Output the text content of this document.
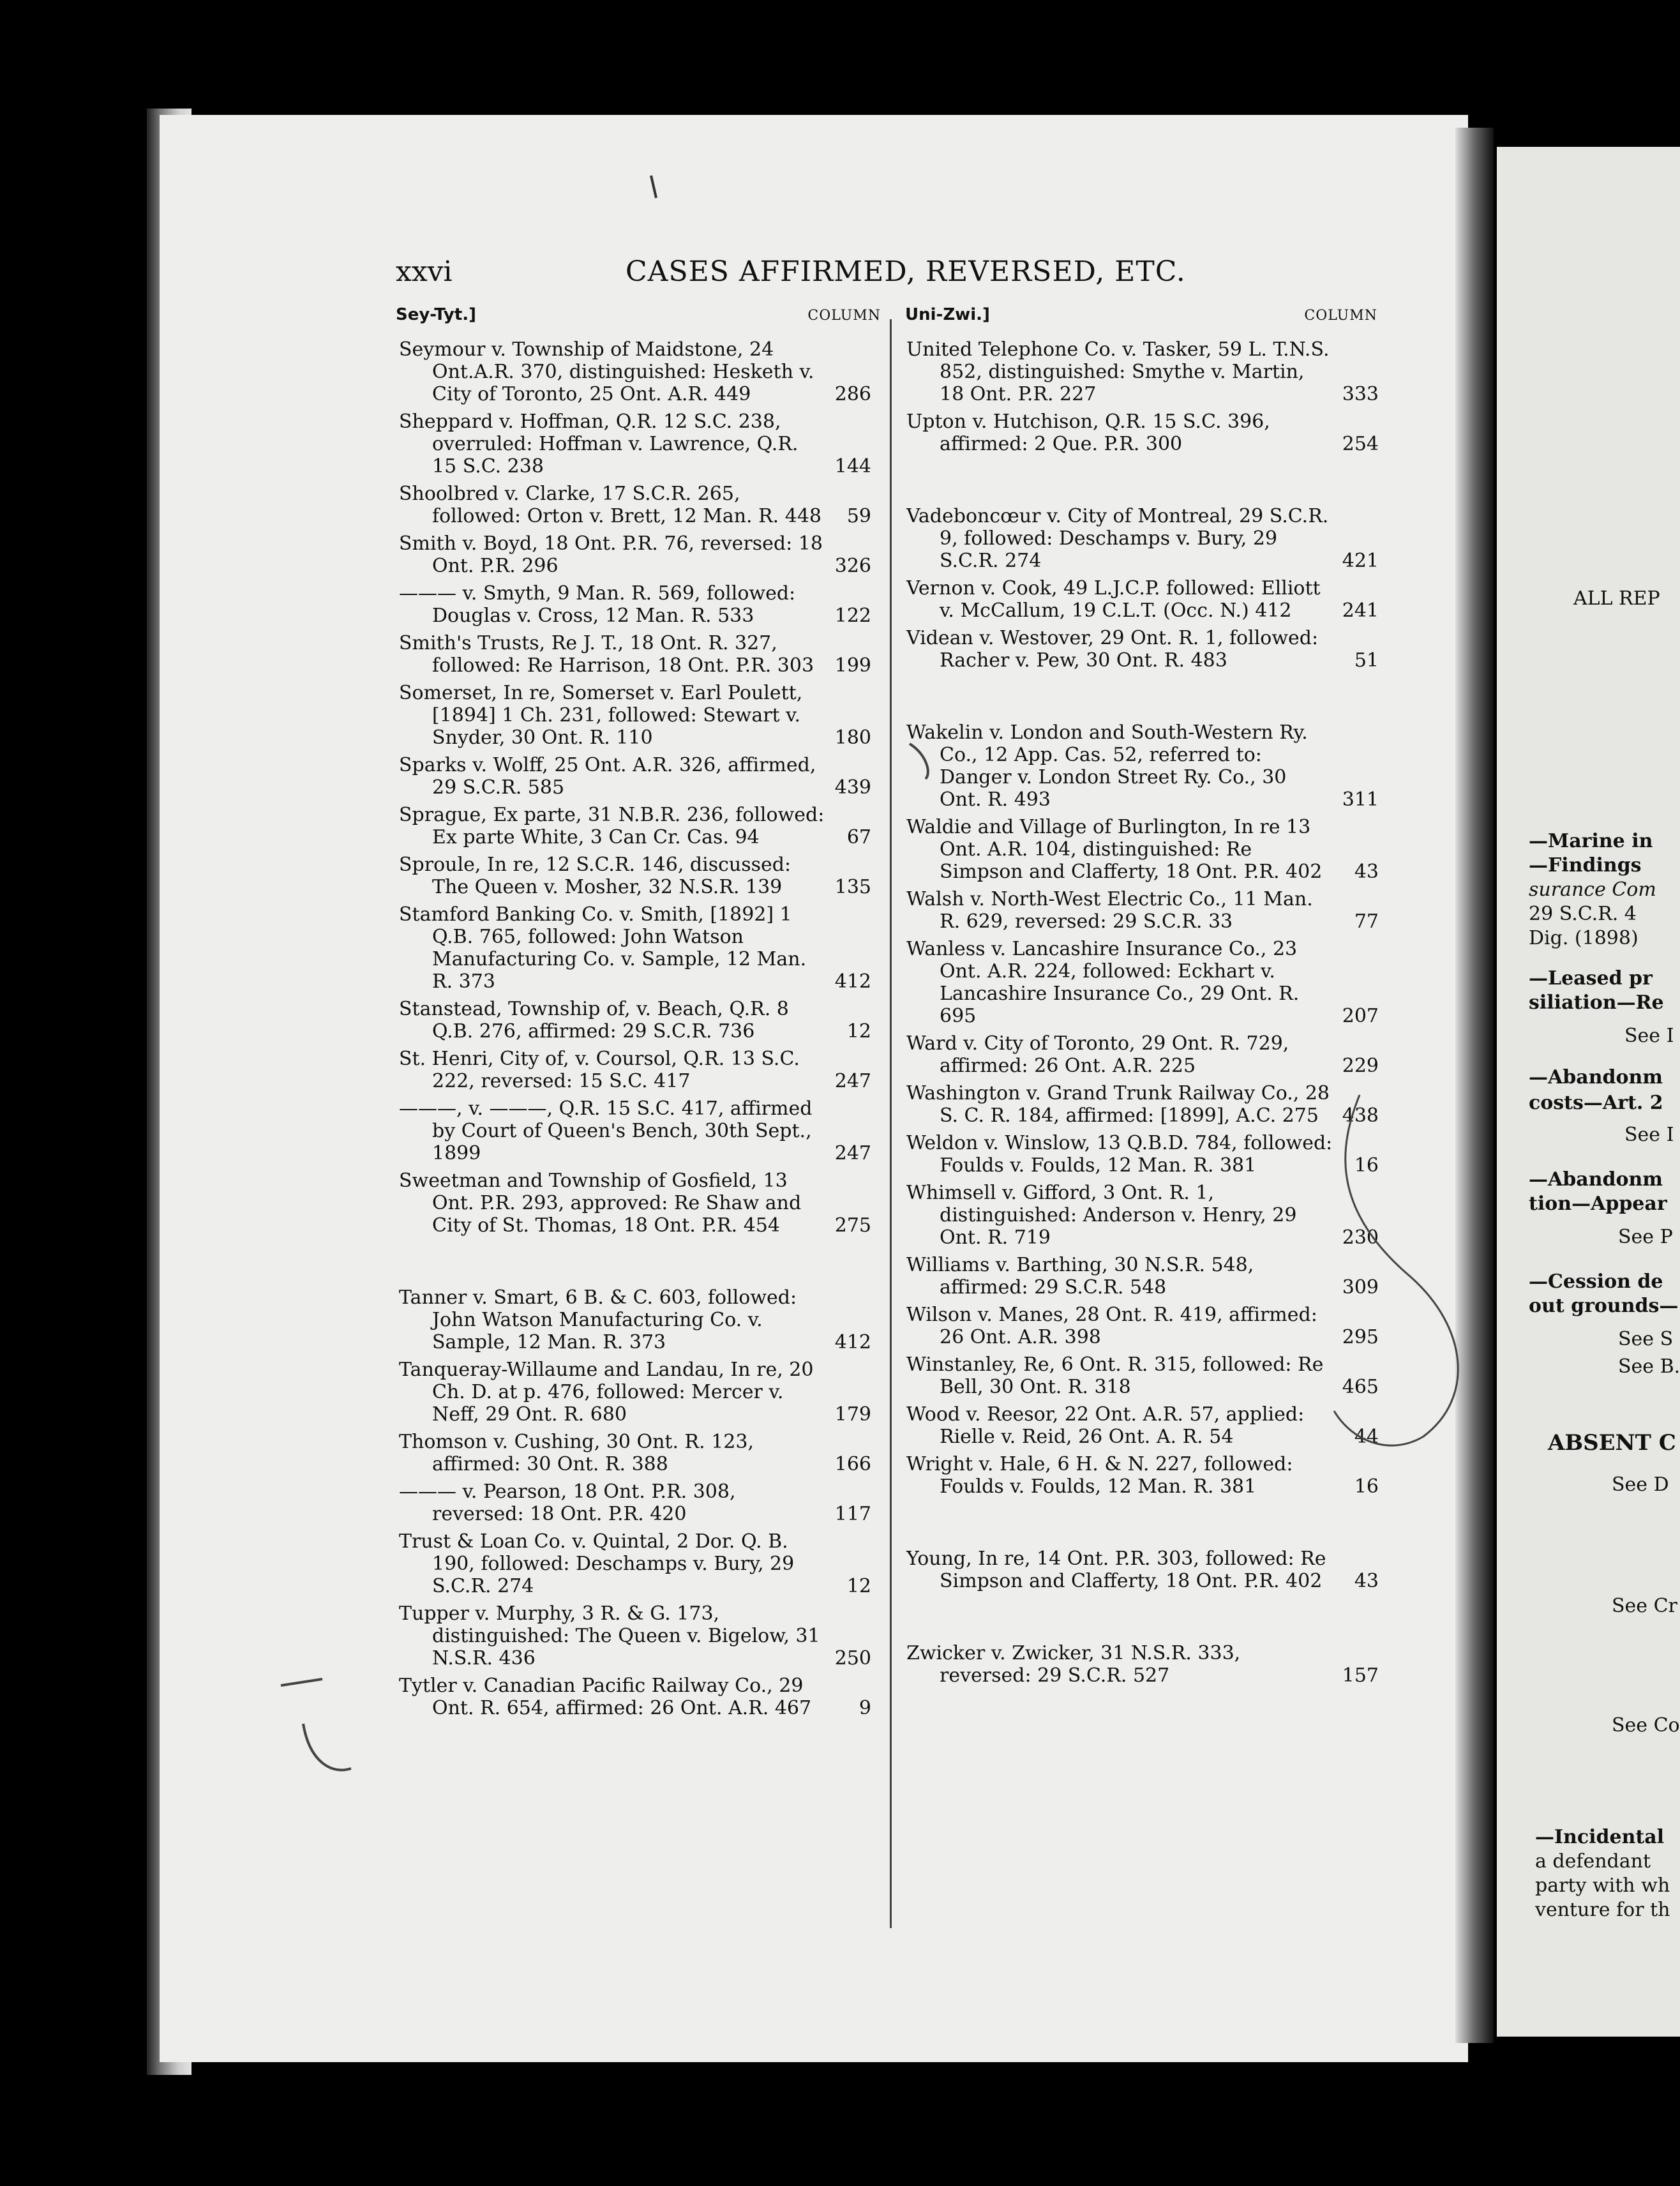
xxvi	CASES AFFIRMED, REVERSED, ETC.
Sey-Tyt.]	COLUMN Uni-Zwi.]	COLUMN
Seymour v. Township of Maidstone, 24 Ont.A.R. 370, distinguished: Hesketh v. City of Toronto, 25 Ont. A.R. 449	286
Sheppard v. Hoffman, Q.R. 12 S.C. 238, overruled: Hoffman v. Lawrence, Q.R. 15 S.C. 238	144
Shoolbred v. Clarke, 17 S.C.R. 265, followed: Orton v. Brett, 12 Man. R. 448	59
Smith v. Boyd, 18 Ont. P.R. 76, reversed: 18 Ont. P.R. 296	326
——— v. Smyth, 9 Man. R. 569, followed: Douglas v. Cross, 12 Man. R. 533	122
Smith's Trusts, Re J. T., 18 Ont. R. 327, followed: Re Harrison, 18 Ont. P.R. 303	199
Somerset, In re, Somerset v. Earl Poulett, [1894] 1 Ch. 231, followed: Stewart v. Snyder, 30 Ont. R. 110	180
Sparks v. Wolff, 25 Ont. A.R. 326, affirmed, 29 S.C.R. 585	439
Sprague, Ex parte, 31 N.B.R. 236, followed: Ex parte White, 3 Can Cr. Cas. 94	67
Sproule, In re, 12 S.C.R. 146, discussed: The Queen v. Mosher, 32 N.S.R. 139	135
Stamford Banking Co. v. Smith, [1892] 1 Q.B. 765, followed: John Watson Manufacturing Co. v. Sample, 12 Man. R. 373	412
Stanstead, Township of, v. Beach, Q.R. 8 Q.B. 276, affirmed: 29 S.C.R. 736	12
St. Henri, City of, v. Coursol, Q.R. 13 S.C. 222, reversed: 15 S.C. 417	247
———, v. ———, Q.R. 15 S.C. 417, affirmed by Court of Queen's Bench, 30th Sept., 1899	247
Sweetman and Township of Gosfield, 13 Ont. P.R. 293, approved: Re Shaw and City of St. Thomas, 18 Ont. P.R. 454	275
Tanner v. Smart, 6 B. & C. 603, followed: John Watson Manufacturing Co. v. Sample, 12 Man. R. 373	412
Tanqueray-Willaume and Landau, In re, 20 Ch. D. at p. 476, followed: Mercer v. Neff, 29 Ont. R. 680	179
Thomson v. Cushing, 30 Ont. R. 123, affirmed: 30 Ont. R. 388	166
——— v. Pearson, 18 Ont. P.R. 308, reversed: 18 Ont. P.R. 420	117
Trust & Loan Co. v. Quintal, 2 Dor. Q. B. 190, followed: Deschamps v. Bury, 29 S.C.R. 274	12
Tupper v. Murphy, 3 R. & G. 173, distinguished: The Queen v. Bigelow, 31 N.S.R. 436	250
Tytler v. Canadian Pacific Railway Co., 29 Ont. R. 654, affirmed: 26 Ont. A.R. 467	9
United Telephone Co. v. Tasker, 59 L. T.N.S. 852, distinguished: Smythe v. Martin, 18 Ont. P.R. 227	333
Upton v. Hutchison, Q.R. 15 S.C. 396, affirmed: 2 Que. P.R. 300	254
Vadeboncœur v. City of Montreal, 29 S.C.R. 9, followed: Deschamps v. Bury, 29 S.C.R. 274	421
Vernon v. Cook, 49 L.J.C.P. followed: Elliott v. McCallum, 19 C.L.T. (Occ. N.) 412	241
Videan v. Westover, 29 Ont. R. 1, followed: Racher v. Pew, 30 Ont. R. 483	51
Wakelin v. London and South-Western Ry. Co., 12 App. Cas. 52, referred to: Danger v. London Street Ry. Co., 30 Ont. R. 493	311
Waldie and Village of Burlington, In re 13 Ont. A.R. 104, distinguished: Re Simpson and Clafferty, 18 Ont. P.R. 402	43
Walsh v. North-West Electric Co., 11 Man. R. 629, reversed: 29 S.C.R. 33	77
Wanless v. Lancashire Insurance Co., 23 Ont. A.R. 224, followed: Eckhart v. Lancashire Insurance Co., 29 Ont. R. 695	207
Ward v. City of Toronto, 29 Ont. R. 729, affirmed: 26 Ont. A.R. 225	229
Washington v. Grand Trunk Railway Co., 28 S. C. R. 184, affirmed: [1899], A.C. 275	438
Weldon v. Winslow, 13 Q.B.D. 784, followed: Foulds v. Foulds, 12 Man. R. 381	16
Whimsell v. Gifford, 3 Ont. R. 1, distinguished: Anderson v. Henry, 29 Ont. R. 719	230
Williams v. Barthing, 30 N.S.R. 548, affirmed: 29 S.C.R. 548	309
Wilson v. Manes, 28 Ont. R. 419, affirmed: 26 Ont. A.R. 398	295
Winstanley, Re, 6 Ont. R. 315, followed: Re Bell, 30 Ont. R. 318	465
Wood v. Reesor, 22 Ont. A.R. 57, applied: Rielle v. Reid, 26 Ont. A. R. 54	44
Wright v. Hale, 6 H. & N. 227, followed: Foulds v. Foulds, 12 Man. R. 381	16
Young, In re, 14 Ont. P.R. 303, followed: Re Simpson and Clafferty, 18 Ont. P.R. 402	43
Zwicker v. Zwicker, 31 N.S.R. 333, reversed: 29 S.C.R. 527	157
ALL REP
—Marine in
—Findings
surance Com
29 S.C.R. 4
Dig. (1898)
—Leased pr
siliation—Re
See I
—Abandonm
costs—Art. 2
See I
—Abandonm
tion—Appear
See P
—Cession de
out grounds—
See S
See B.
ABSENT C
See D
See Cr
See Co
—Incidental
a defendant
party with wh
venture for th
